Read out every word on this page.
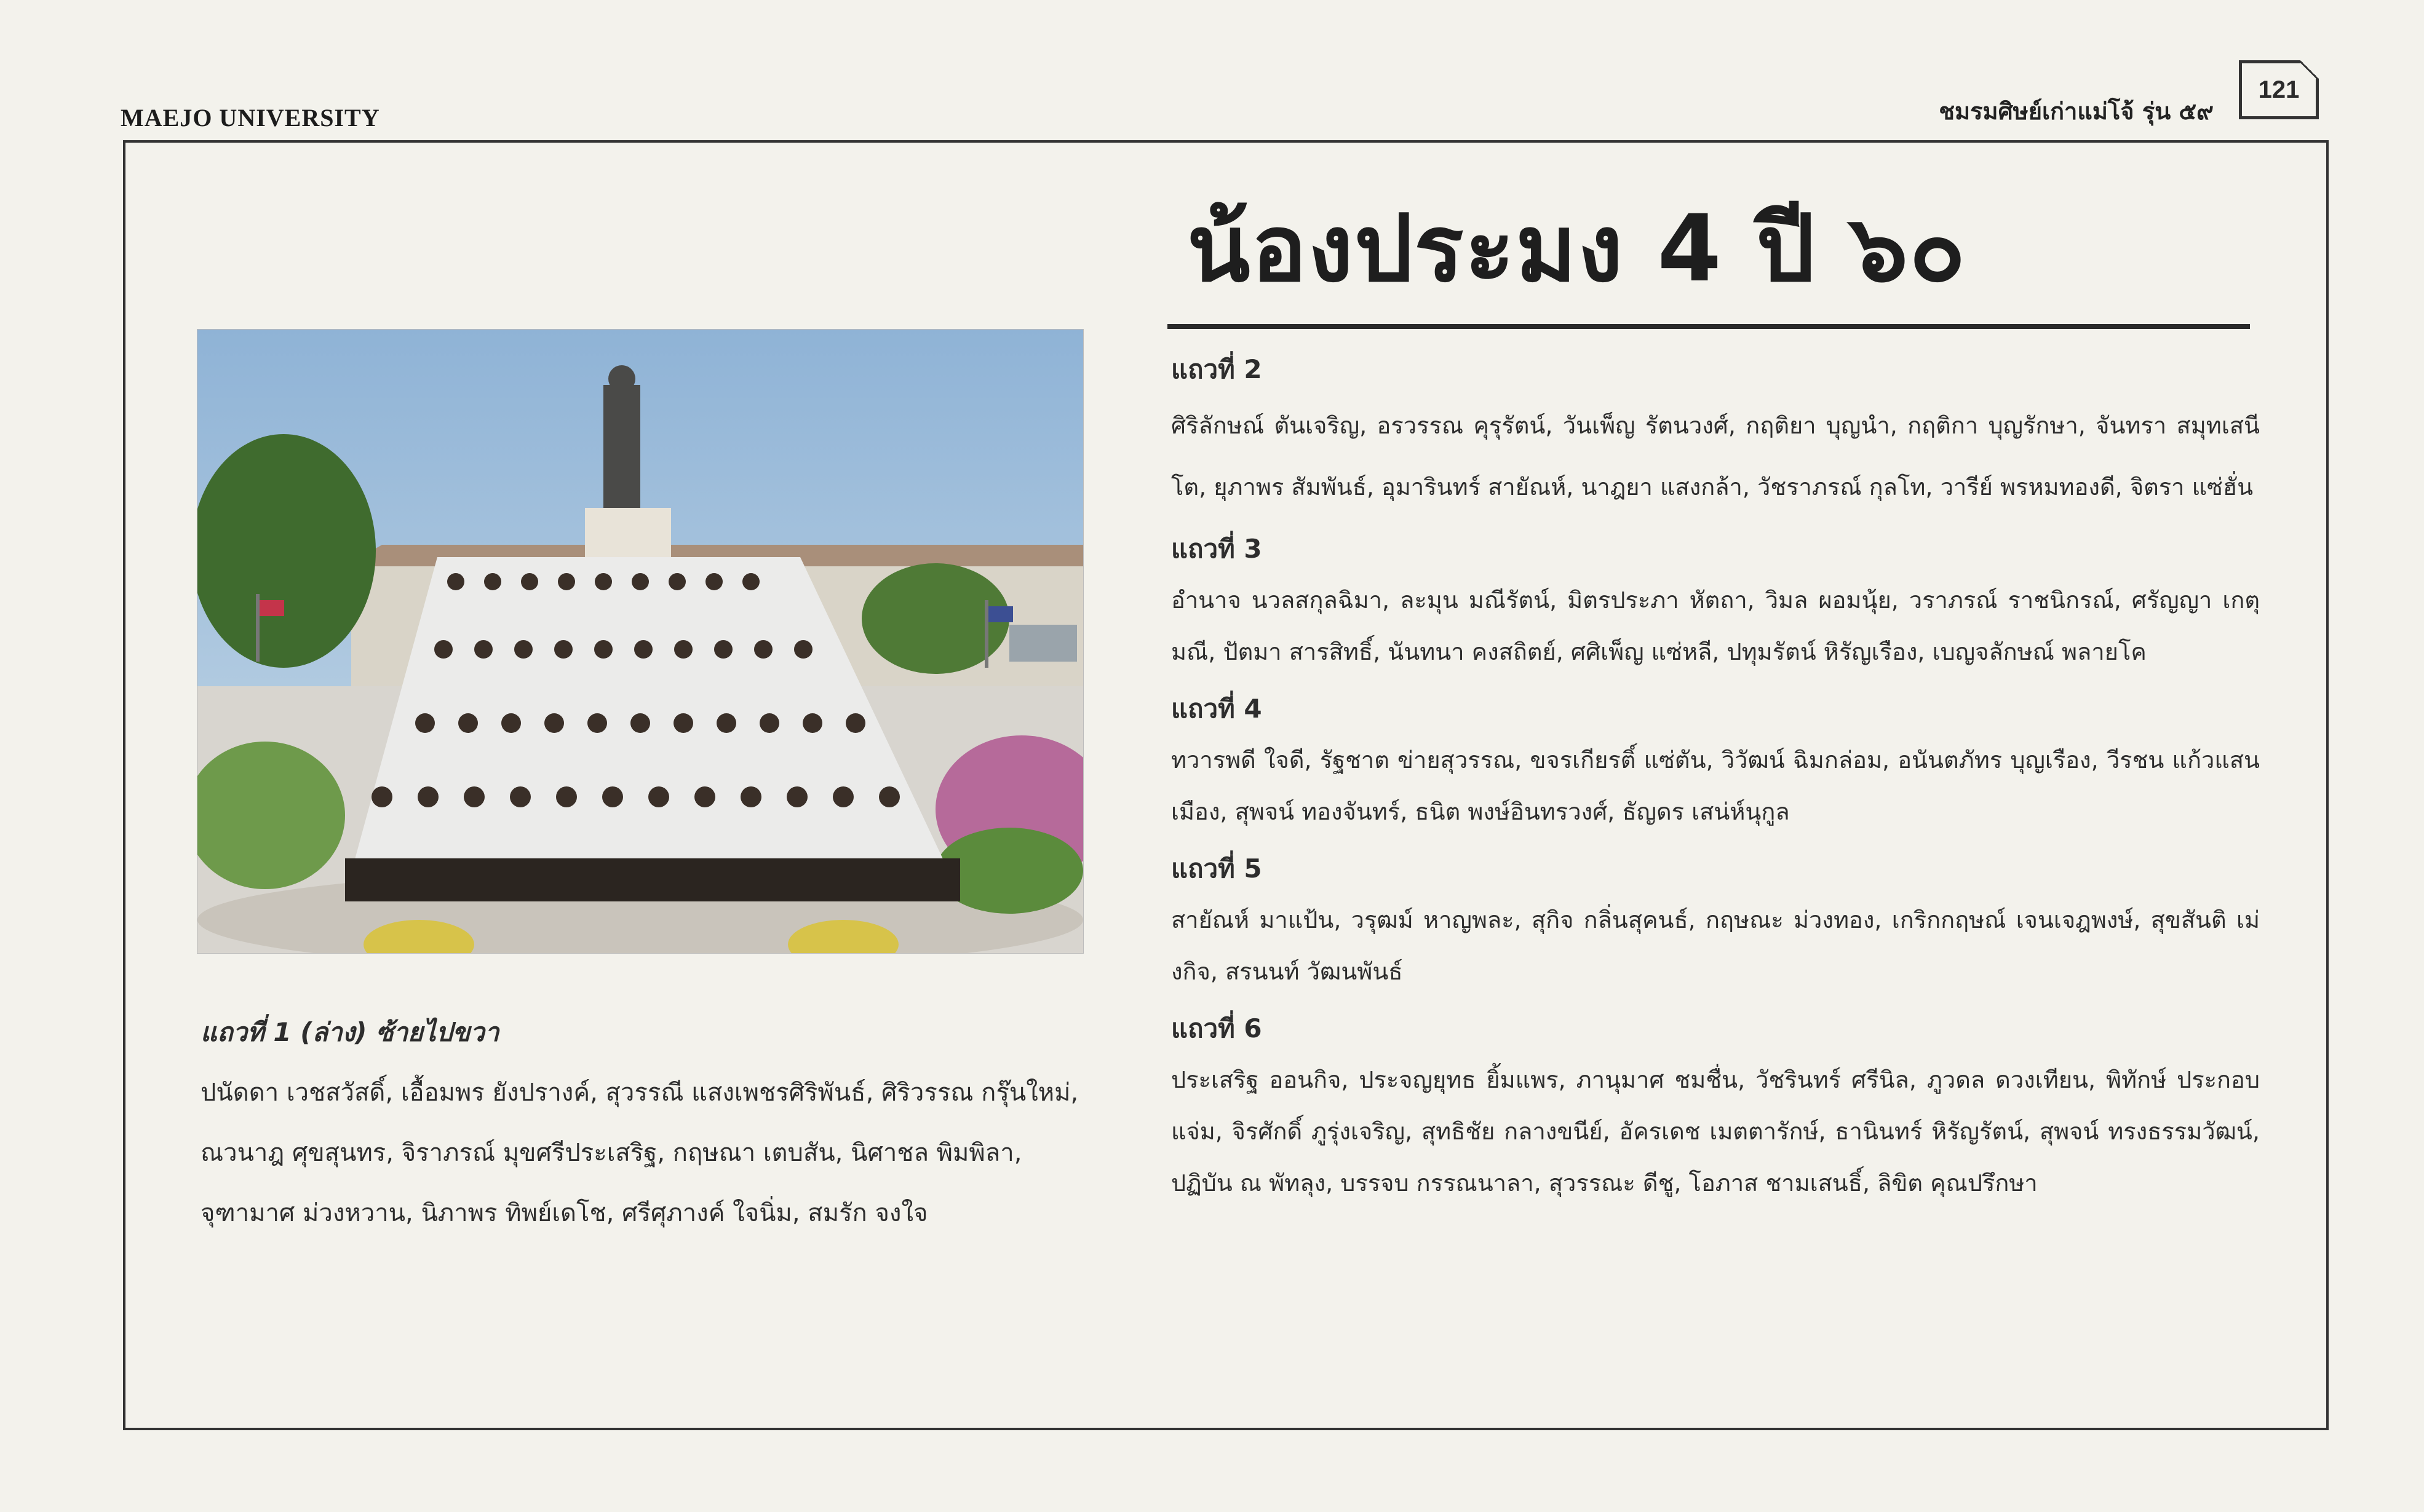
MAEJO UNIVERSITY	ชมรมศิษย์เก่าแม่โจ้ รุ่น ๕๙
121
น้องประมง 4 ปี ๖๐
แถวที่ 1 (ล่าง) ซ้ายไปขวา
ปนัดดา เวชสวัสดิ์, เอื้อมพร ยังปรางค์, สุวรรณี แสงเพชรศิริพันธ์, ศิริวรรณ กรุ๊นใหม่, ณวนาฎ ศุขสุนทร, จิราภรณ์ มุขศรีประเสริฐ, กฤษณา เตบสัน, นิศาชล พิมพิลา, จุฑามาศ ม่วงหวาน, นิภาพร ทิพย์เดโช, ศรีศุภางค์ ใจนิ่ม, สมรัก จงใจ
แถวที่ 2
ศิริลักษณ์ ตันเจริญ, อรวรรณ คุรุรัตน์, วันเพ็ญ รัตนวงศ์, กฤติยา บุญนำ, กฤติกา บุญรักษา, จันทรา สมุทเสนีโต, ยุภาพร สัมพันธ์, อุมารินทร์ สายัณห์, นาฎยา แสงกล้า, วัชราภรณ์ กุลโท, วารีย์ พรหมทองดี, จิตรา แซ่ฮั่น
แถวที่ 3
อำนาจ นวลสกุลฉิมา, ละมุน มณีรัตน์, มิตรประภา หัตถา, วิมล ผอมนุ้ย, วราภรณ์ ราชนิกรณ์, ศรัญญา เกตุมณี, ปัตมา สารสิทธิ์, นันทนา คงสถิตย์, ศศิเพ็ญ แซ่หลี, ปทุมรัตน์ หิรัญเรือง, เบญจลักษณ์ พลายโค
แถวที่ 4
ทวารพดี ใจดี, รัฐชาต ข่ายสุวรรณ, ขจรเกียรติ์ แซ่ตัน, วิวัฒน์ ฉิมกล่อม, อนันตภัทร บุญเรือง, วีรชน แก้วแสนเมือง, สุพจน์ ทองจันทร์, ธนิต พงษ์อินทรวงศ์, ธัญดร เสน่ห์นุกูล
แถวที่ 5
สายัณห์ มาแป้น, วรุฒม์ หาญพละ, สุกิจ กลิ่นสุคนธ์, กฤษณะ ม่วงทอง, เกริกกฤษณ์ เจนเจฎพงษ์, สุขสันติ เม่งกิจ, สรนนท์ วัฒนพันธ์
แถวที่ 6
ประเสริฐ ออนกิจ, ประจญยุทธ ยิ้มแพร, ภานุมาศ ชมชื่น, วัชรินทร์ ศรีนิล, ภูวดล ดวงเทียน, พิทักษ์ ประกอบแจ่ม, จิรศักดิ์ ภูรุ่งเจริญ, สุทธิชัย กลางขนีย์, อัครเดช เมตตารักษ์, ธานินทร์ หิรัญรัตน์, สุพจน์ ทรงธรรมวัฒน์, ปฏิบัน ณ พัทลุง, บรรจบ กรรณนาลา, สุวรรณะ ดีชู, โอภาส ชามเสนธิ์, ลิขิต คุณปรึกษา
